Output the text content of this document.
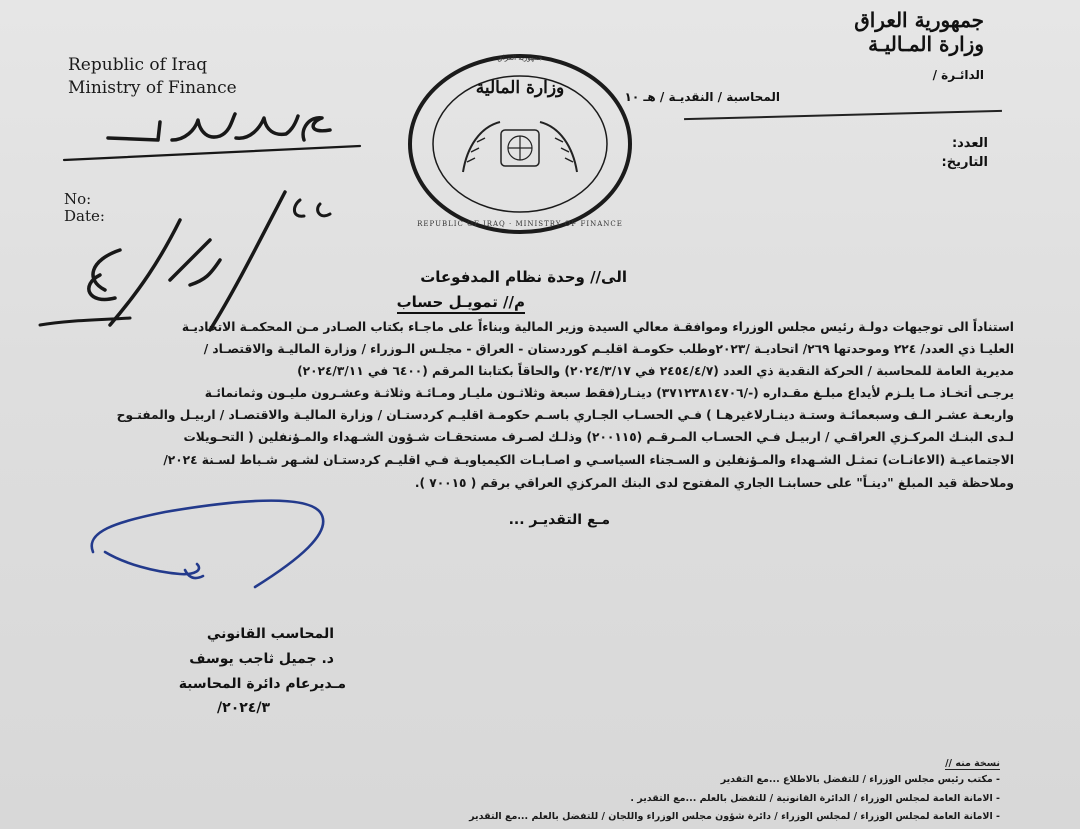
Republic of Iraq
Ministry of Finance
No:
Date:
جمهورية العراق
وزارة المـاليـة
الدائـرة /
المحاسبة / النقديـة / هـ ١٠
العدد:
التاريخ:
وزارة المالية
جمهورية العراق
REPUBLIC OF IRAQ · MINISTRY OF FINANCE
الى// وحدة نظام المدفوعات
م// تمويـل حساب
استناداً الى توجيهات دولـة رئيس مجلس الوزراء وموافقـة معالي السيدة وزير المالية وبناءاً على ماجـاء بكتاب الصـادر مـن المحكمـة الاتحاديـة
العليـا ذي العدد/ ٢٢٤ وموحدتها ٢٦٩/ اتحاديـة /٢٠٢٣وطلب حكومـة اقليـم كوردستان - العراق - مجلـس الـوزراء / وزارة الماليـة والاقتصـاد /
مديرية العامة للمحاسبة / الحركة النقدية ذي العدد (٢٤٥٤/٤/٧ في ٢٠٢٤/٣/١٧) والحاقاً بكتابنا المرقم (٦٤٠٠ في ٢٠٢٤/٣/١١)
يرجـى أتخـاذ مـا يلـزم لأيداع مبلـغ مقـداره (-/٣٧١٢٣٨١٤٧٠٦) دينـار(فقط سبعة وثلاثـون مليـار ومـائـة وثلاثـة وعشـرون مليـون وثمانمائـة
واربعـة عشـر الـف وسبعمائـة وستـة دينـارلاغيرهـا ) فـي الحسـاب الجـاري باسـم حكومـة اقليـم كردستـان / وزارة الماليـة والاقتصـاد / اربيـل والمفتـوح
لـدى البنـك المركـزي العراقـي / اربيـل فـي الحسـاب المـرقـم (٢٠٠١١٥) وذلـك لصـرف مستحقـات شـؤون الشـهداء والمـؤنفلين ( التحـويلات
الاجتماعيـة (الاعانـات) تمثـل الشـهداء والمـؤنفلين و السـجناء السياسـي و اصـابـات الكيمياويـة فـي اقليـم كردستـان لشـهر شـباط لسـنة ٢٠٢٤/
وملاحظة قيد المبلغ "دينـاً" على حسابنـا الجاري المفتوح لدى البنك المركزي العراقي برقم ( ٧٠٠١٥ ).
مـع التقديـر ...
المحاسب القانوني
د. جميل ثاجب يوسف
مـديرعام دائرة المحاسبة
/٢٠٢٤/٣
نسخة منه //
- مكتب رئيس مجلس الوزراء / للتفضل بالاطلاع ...مع التقدير
- الامانة العامة لمجلس الوزراء / الدائرة القانونية / للتفضل بالعلم ...مع التقدير .
- الامانة العامة لمجلس الوزراء / لمجلس الوزراء / دائرة شؤون مجلس الوزراء واللجان / للتفضل بالعلم ...مع التقدير
